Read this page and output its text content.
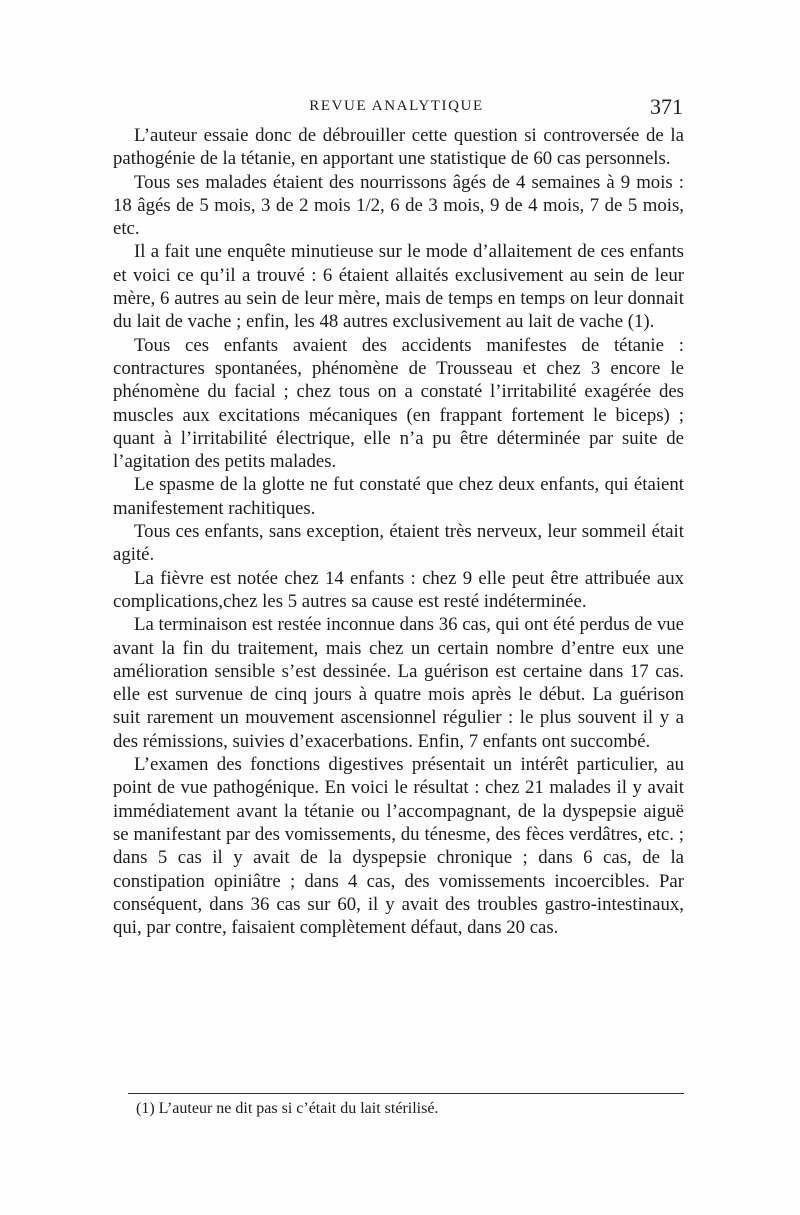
REVUE ANALYTIQUE	371

L’auteur essaie donc de débrouiller cette question si controversée de la pathogénie de la tétanie, en apportant une statistique de 60 cas personnels.

Tous ses malades étaient des nourrissons âgés de 4 semaines à 9 mois : 18 âgés de 5 mois, 3 de 2 mois 1/2, 6 de 3 mois, 9 de 4 mois, 7 de 5 mois, etc.

Il a fait une enquête minutieuse sur le mode d’allaitement de ces enfants et voici ce qu’il a trouvé : 6 étaient allaités exclusivement au sein de leur mère, 6 autres au sein de leur mère, mais de temps en temps on leur donnait du lait de vache ; enfin, les 48 autres exclusivement au lait de vache (1).

Tous ces enfants avaient des accidents manifestes de tétanie : contractures spontanées, phénomène de Trousseau et chez 3 encore le phénomène du facial ; chez tous on a constaté l’irritabilité exagérée des muscles aux excitations mécaniques (en frappant fortement le biceps) ; quant à l’irritabilité électrique, elle n’a pu être déterminée par suite de l’agitation des petits malades.

Le spasme de la glotte ne fut constaté que chez deux enfants, qui étaient manifestement rachitiques.

Tous ces enfants, sans exception, étaient très nerveux, leur sommeil était agité.

La fièvre est notée chez 14 enfants : chez 9 elle peut être attribuée aux complications,chez les 5 autres sa cause est resté indéterminée.

La terminaison est restée inconnue dans 36 cas, qui ont été perdus de vue avant la fin du traitement, mais chez un certain nombre d’entre eux une amélioration sensible s’est dessinée. La guérison est certaine dans 17 cas. elle est survenue de cinq jours à quatre mois après le début. La guérison suit rarement un mouvement ascensionnel régulier : le plus souvent il y a des rémissions, suivies d’exacerbations. Enfin, 7 enfants ont succombé.

L’examen des fonctions digestives présentait un intérêt particulier, au point de vue pathogénique. En voici le résultat : chez 21 malades il y avait immédiatement avant la tétanie ou l’accompagnant, de la dyspepsie aiguë se manifestant par des vomissements, du ténesme, des fèces verdâtres, etc. ; dans 5 cas il y avait de la dyspepsie chronique ; dans 6 cas, de la constipation opiniâtre ; dans 4 cas, des vomissements incoercibles. Par conséquent, dans 36 cas sur 60, il y avait des troubles gastro-intestinaux, qui, par contre, faisaient complètement défaut, dans 20 cas.

(1) L’auteur ne dit pas si c’était du lait stérilisé.
